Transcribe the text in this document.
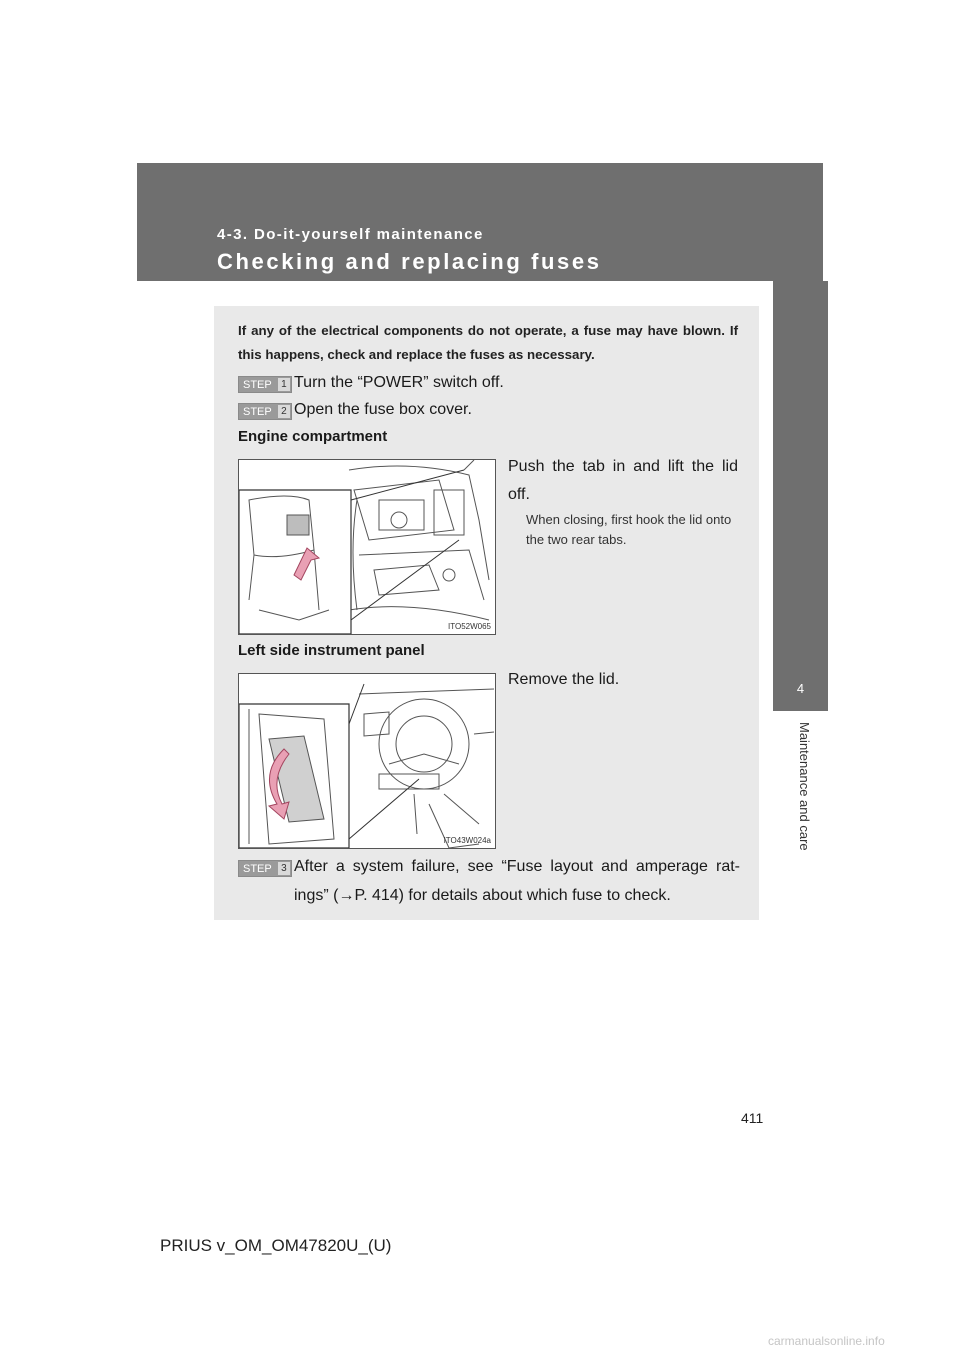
4-3. Do-it-yourself maintenance
Checking and replacing fuses
4
Maintenance and care
If any of the electrical components do not operate, a fuse may have blown. If this happens, check and replace the fuses as necessary.
STEP 1 Turn the “POWER” switch off.
STEP 2 Open the fuse box cover.
Engine compartment
ITO52W065
Push the tab in and lift the lid off.
When closing, first hook the lid onto the two rear tabs.
Left side instrument panel
ITO43W024a
Remove the lid.
STEP 3 After a system failure, see “Fuse layout and amperage rat-ings” (→P. 414) for details about which fuse to check.
411
PRIUS v_OM_OM47820U_(U)
carmanualsonline.info
